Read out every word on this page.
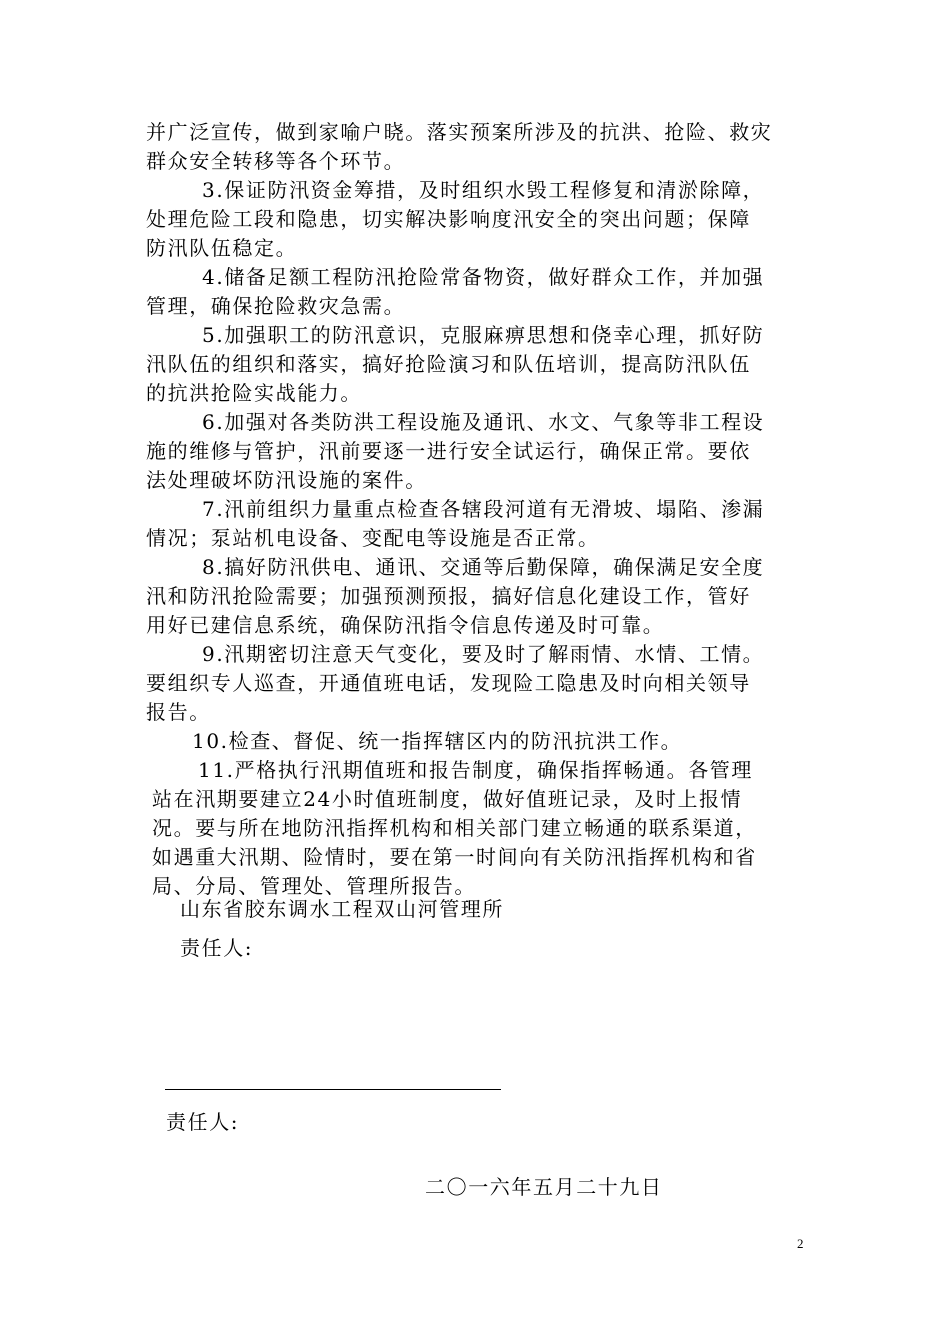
并广泛宣传，做到家喻户晓。落实预案所涉及的抗洪、抢险、救灾
群众安全转移等各个环节。
3.保证防汛资金筹措，及时组织水毁工程修复和清淤除障，
处理危险工段和隐患，切实解决影响度汛安全的突出问题；保障
防汛队伍稳定。
4.储备足额工程防汛抢险常备物资，做好群众工作，并加强
管理，确保抢险救灾急需。
5.加强职工的防汛意识，克服麻痹思想和侥幸心理，抓好防
汛队伍的组织和落实，搞好抢险演习和队伍培训，提高防汛队伍
的抗洪抢险实战能力。
6.加强对各类防洪工程设施及通讯、水文、气象等非工程设
施的维修与管护，汛前要逐一进行安全试运行，确保正常。要依
法处理破坏防汛设施的案件。
7.汛前组织力量重点检查各辖段河道有无滑坡、塌陷、渗漏
情况；泵站机电设备、变配电等设施是否正常。
8.搞好防汛供电、通讯、交通等后勤保障，确保满足安全度
汛和防汛抢险需要；加强预测预报，搞好信息化建设工作，管好
用好已建信息系统，确保防汛指令信息传递及时可靠。
9.汛期密切注意天气变化，要及时了解雨情、水情、工情。
要组织专人巡查，开通值班电话，发现险工隐患及时向相关领导
报告。
10.检查、督促、统一指挥辖区内的防汛抗洪工作。
11.严格执行汛期值班和报告制度，确保指挥畅通。各管理
站在汛期要建立24小时值班制度，做好值班记录，及时上报情
况。要与所在地防汛指挥机构和相关部门建立畅通的联系渠道，
如遇重大汛期、险情时，要在第一时间向有关防汛指挥机构和省
局、分局、管理处、管理所报告。
山东省胶东调水工程双山河管理所
责任人:
责任人:
二〇一六年五月二十九日
2
